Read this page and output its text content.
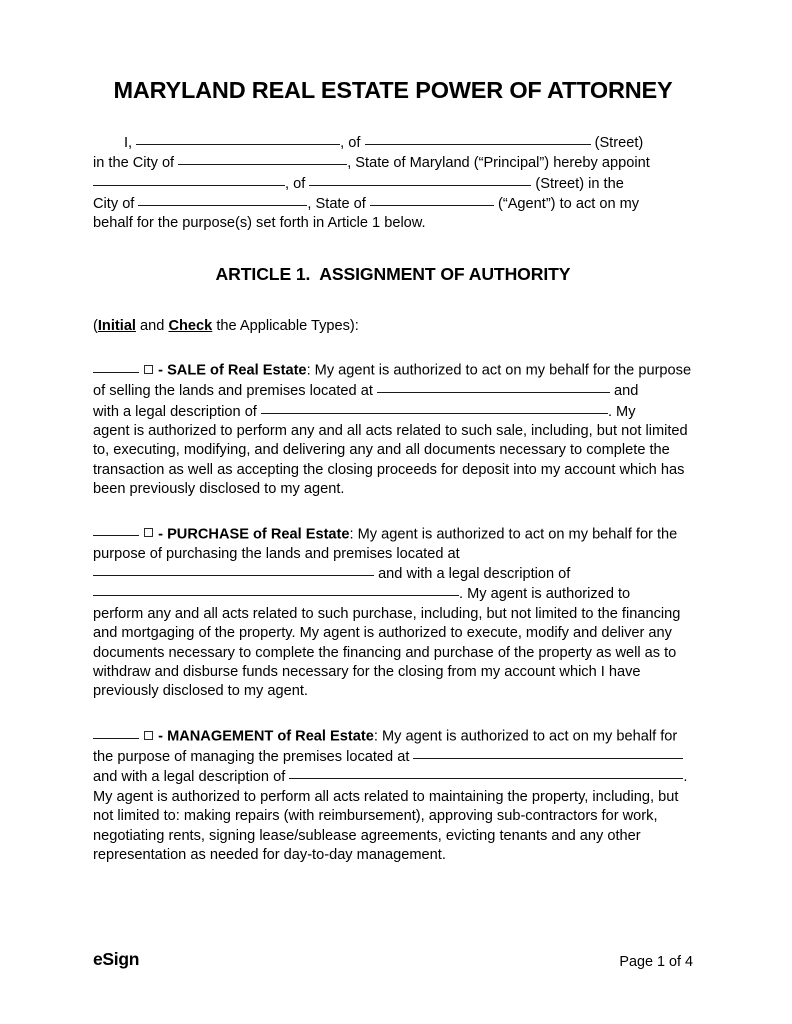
MARYLAND REAL ESTATE POWER OF ATTORNEY

I,	, of	(Street)
in the City of	, State of Maryland (“Principal”) hereby appoint
, of	(Street) in the
City of	, State of	(“Agent”) to act on my
behalf for the purpose(s) set forth in Article 1 below.

ARTICLE 1.  ASSIGNMENT OF AUTHORITY

(Initial and Check the Applicable Types):

- SALE of Real Estate: My agent is authorized to act on my behalf for the purpose
of selling the lands and premises located at	and
with a legal description of	. My
agent is authorized to perform any and all acts related to such sale, including, but not limited to, executing, modifying, and delivering any and all documents necessary to complete the transaction as well as accepting the closing proceeds for deposit into my account which has been previously disclosed to my agent.
- PURCHASE of Real Estate: My agent is authorized to act on my behalf for the
purpose of purchasing the lands and premises located at
and with a legal description of
. My agent is authorized to
perform any and all acts related to such purchase, including, but not limited to the financing and mortgaging of the property. My agent is authorized to execute, modify and deliver any documents necessary to complete the financing and purchase of the property as well as to withdraw and disburse funds necessary for the closing from my account which I have previously disclosed to my agent.
- MANAGEMENT of Real Estate: My agent is authorized to act on my behalf for
the purpose of managing the premises located at
and with a legal description of	.
My agent is authorized to perform all acts related to maintaining the property, including, but not limited to: making repairs (with reimbursement), approving sub-contractors for work, negotiating rents, signing lease/sublease agreements, evicting tenants and any other representation as needed for day-to-day management.
eSign	Page 1 of 4
